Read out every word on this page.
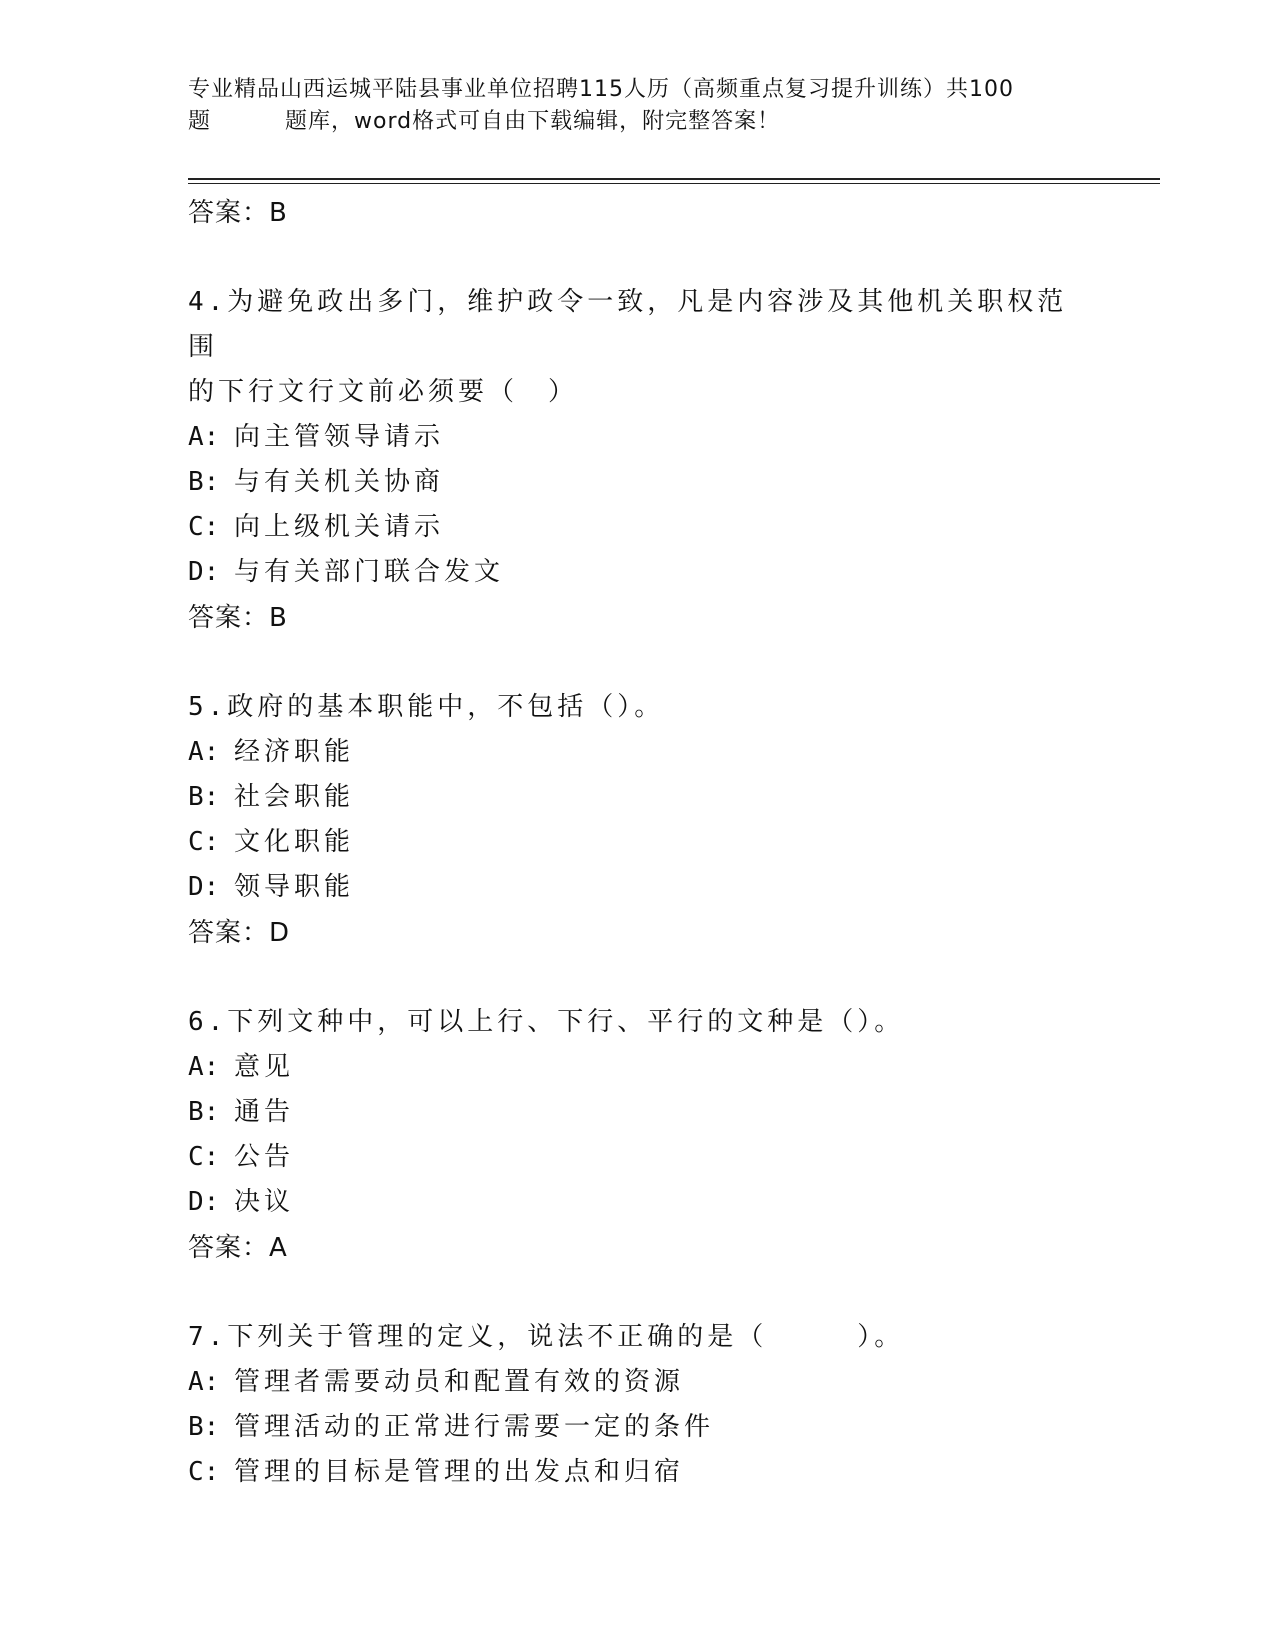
专业精品山西运城平陆县事业单位招聘115人历（高频重点复习提升训练）共100
题	题库，word格式可自由下载编辑，附完整答案！
答案：B
4.为避免政出多门，维护政令一致，凡是内容涉及其他机关职权范围
的下行文行文前必须要（　）
A: 向主管领导请示
B: 与有关机关协商
C: 向上级机关请示
D: 与有关部门联合发文
答案：B
5.政府的基本职能中，不包括（）。
A: 经济职能
B: 社会职能
C: 文化职能
D: 领导职能
答案：D
6.下列文种中，可以上行、下行、平行的文种是（）。
A: 意见
B: 通告
C: 公告
D: 决议
答案：A
7.下列关于管理的定义，说法不正确的是（　　　）。
A: 管理者需要动员和配置有效的资源
B: 管理活动的正常进行需要一定的条件
C: 管理的目标是管理的出发点和归宿
